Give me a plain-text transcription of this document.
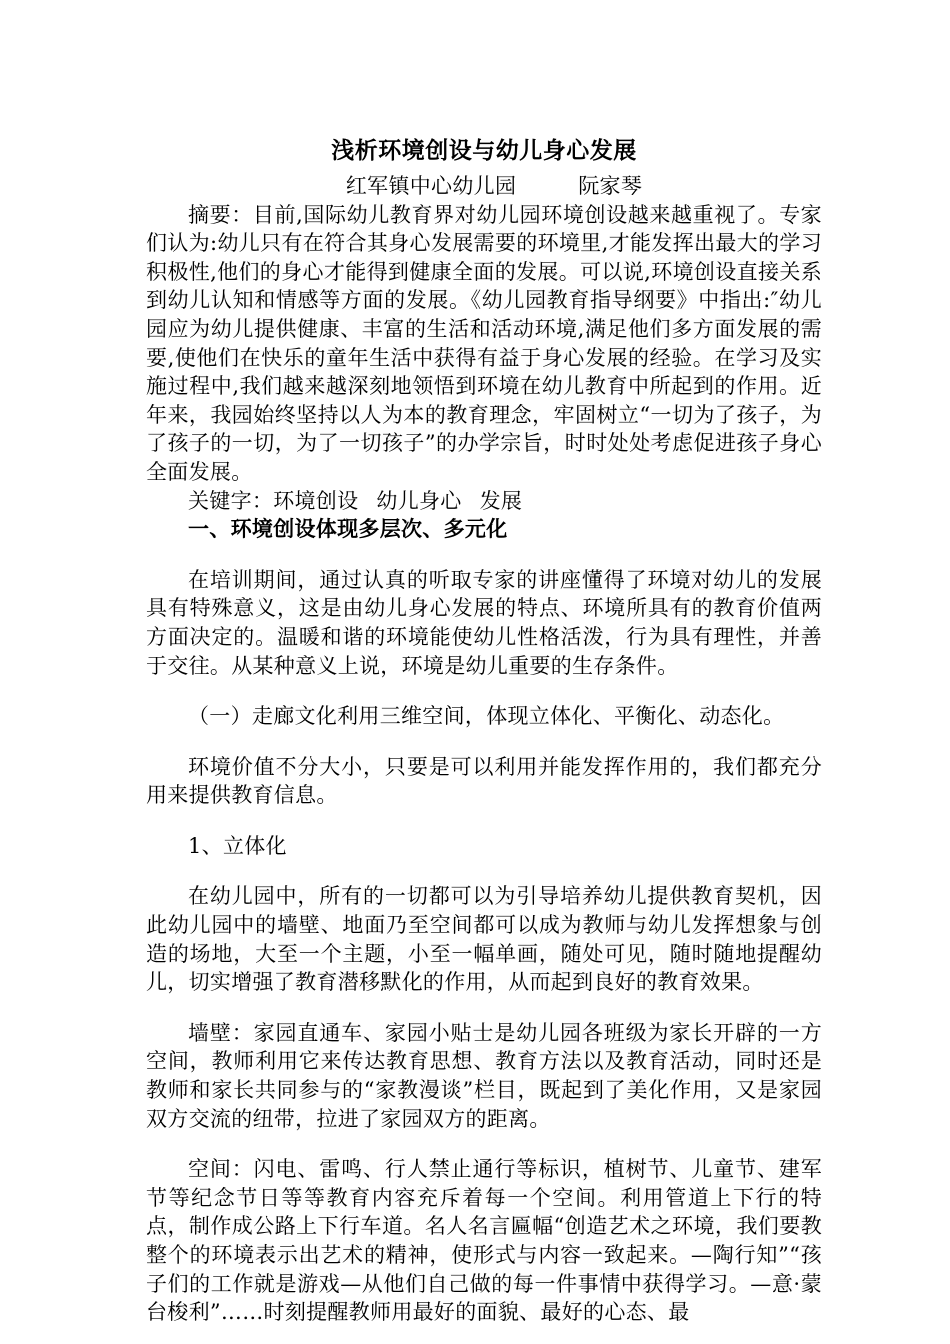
浅析环境创设与幼儿身心发展
红军镇中心幼儿园	阮家琴

摘要：目前,国际幼儿教育界对幼儿园环境创设越来越重视了。专家们认为:幼儿只有在符合其身心发展需要的环境里,才能发挥出最大的学习积极性,他们的身心才能得到健康全面的发展。可以说,环境创设直接关系到幼儿认知和情感等方面的发展。《幼儿园教育指导纲要》中指出:″幼儿园应为幼儿提供健康、丰富的生活和活动环境,满足他们多方面发展的需要,使他们在快乐的童年生活中获得有益于身心发展的经验。在学习及实施过程中,我们越来越深刻地领悟到环境在幼儿教育中所起到的作用。近年来，我园始终坚持以人为本的教育理念，牢固树立“一切为了孩子，为了孩子的一切，为了一切孩子”的办学宗旨，时时处处考虑促进孩子身心全面发展。

关键字：环境创设 幼儿身心 发展

一、环境创设体现多层次、多元化

在培训期间，通过认真的听取专家的讲座懂得了环境对幼儿的发展具有特殊意义，这是由幼儿身心发展的特点、环境所具有的教育价值两方面决定的。温暖和谐的环境能使幼儿性格活泼，行为具有理性，并善于交往。从某种意义上说，环境是幼儿重要的生存条件。

（一）走廊文化利用三维空间，体现立体化、平衡化、动态化。

环境价值不分大小，只要是可以利用并能发挥作用的，我们都充分用来提供教育信息。

1、立体化

在幼儿园中，所有的一切都可以为引导培养幼儿提供教育契机，因此幼儿园中的墙壁、地面乃至空间都可以成为教师与幼儿发挥想象与创造的场地，大至一个主题，小至一幅单画，随处可见，随时随地提醒幼儿，切实增强了教育潜移默化的作用，从而起到良好的教育效果。

墙壁：家园直通车、家园小贴士是幼儿园各班级为家长开辟的一方空间，教师利用它来传达教育思想、教育方法以及教育活动，同时还是教师和家长共同参与的“家教漫谈”栏目，既起到了美化作用，又是家园双方交流的纽带，拉进了家园双方的距离。

空间：闪电、雷鸣、行人禁止通行等标识，植树节、儿童节、建军节等纪念节日等等教育内容充斥着每一个空间。利用管道上下行的特点，制作成公路上下行车道。名人名言匾幅“创造艺术之环境，我们要教整个的环境表示出艺术的精神，使形式与内容一致起来。—陶行知”“孩子们的工作就是游戏—从他们自己做的每一件事情中获得学习。—意·蒙台梭利”……时刻提醒教师用最好的面貌、最好的心态、最
